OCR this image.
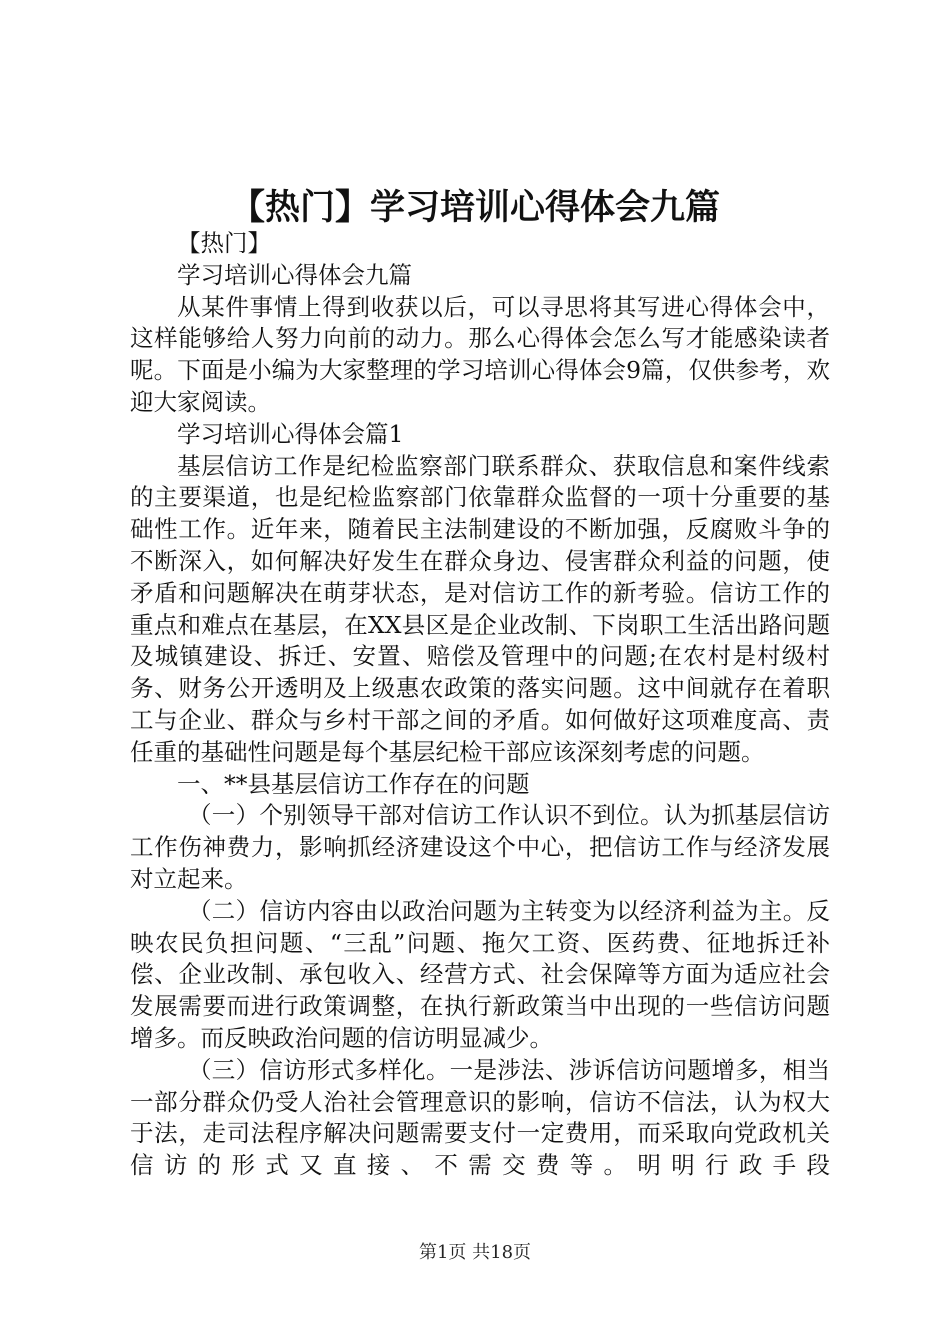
【热门】学习培训心得体会九篇

【热门】

学习培训心得体会九篇

从某件事情上得到收获以后，可以寻思将其写进心得体会中，这样能够给人努力向前的动力。那么心得体会怎么写才能感染读者呢。下面是小编为大家整理的学习培训心得体会9篇，仅供参考，欢迎大家阅读。

学习培训心得体会篇1

基层信访工作是纪检监察部门联系群众、获取信息和案件线索的主要渠道，也是纪检监察部门依靠群众监督的一项十分重要的基础性工作。近年来，随着民主法制建设的不断加强，反腐败斗争的不断深入，如何解决好发生在群众身边、侵害群众利益的问题，使矛盾和问题解决在萌芽状态，是对信访工作的新考验。信访工作的重点和难点在基层，在XX县区是企业改制、下岗职工生活出路问题及城镇建设、拆迁、安置、赔偿及管理中的问题;在农村是村级村务、财务公开透明及上级惠农政策的落实问题。这中间就存在着职工与企业、群众与乡村干部之间的矛盾。如何做好这项难度高、责任重的基础性问题是每个基层纪检干部应该深刻考虑的问题。

一、**县基层信访工作存在的问题

（一）个别领导干部对信访工作认识不到位。认为抓基层信访工作伤神费力，影响抓经济建设这个中心，把信访工作与经济发展对立起来。

（二）信访内容由以政治问题为主转变为以经济利益为主。反映农民负担问题、“三乱”问题、拖欠工资、医药费、征地拆迁补偿、企业改制、承包收入、经营方式、社会保障等方面为适应社会发展需要而进行政策调整，在执行新政策当中出现的一些信访问题增多。而反映政治问题的信访明显减少。

（三）信访形式多样化。一是涉法、涉诉信访问题增多，相当一部分群众仍受人治社会管理意识的影响，信访不信法，认为权大于法，走司法程序解决问题需要支付一定费用，而采取向党政机关信访的形式又直接、不需交费等。明明行政手段

第1页 共18页
